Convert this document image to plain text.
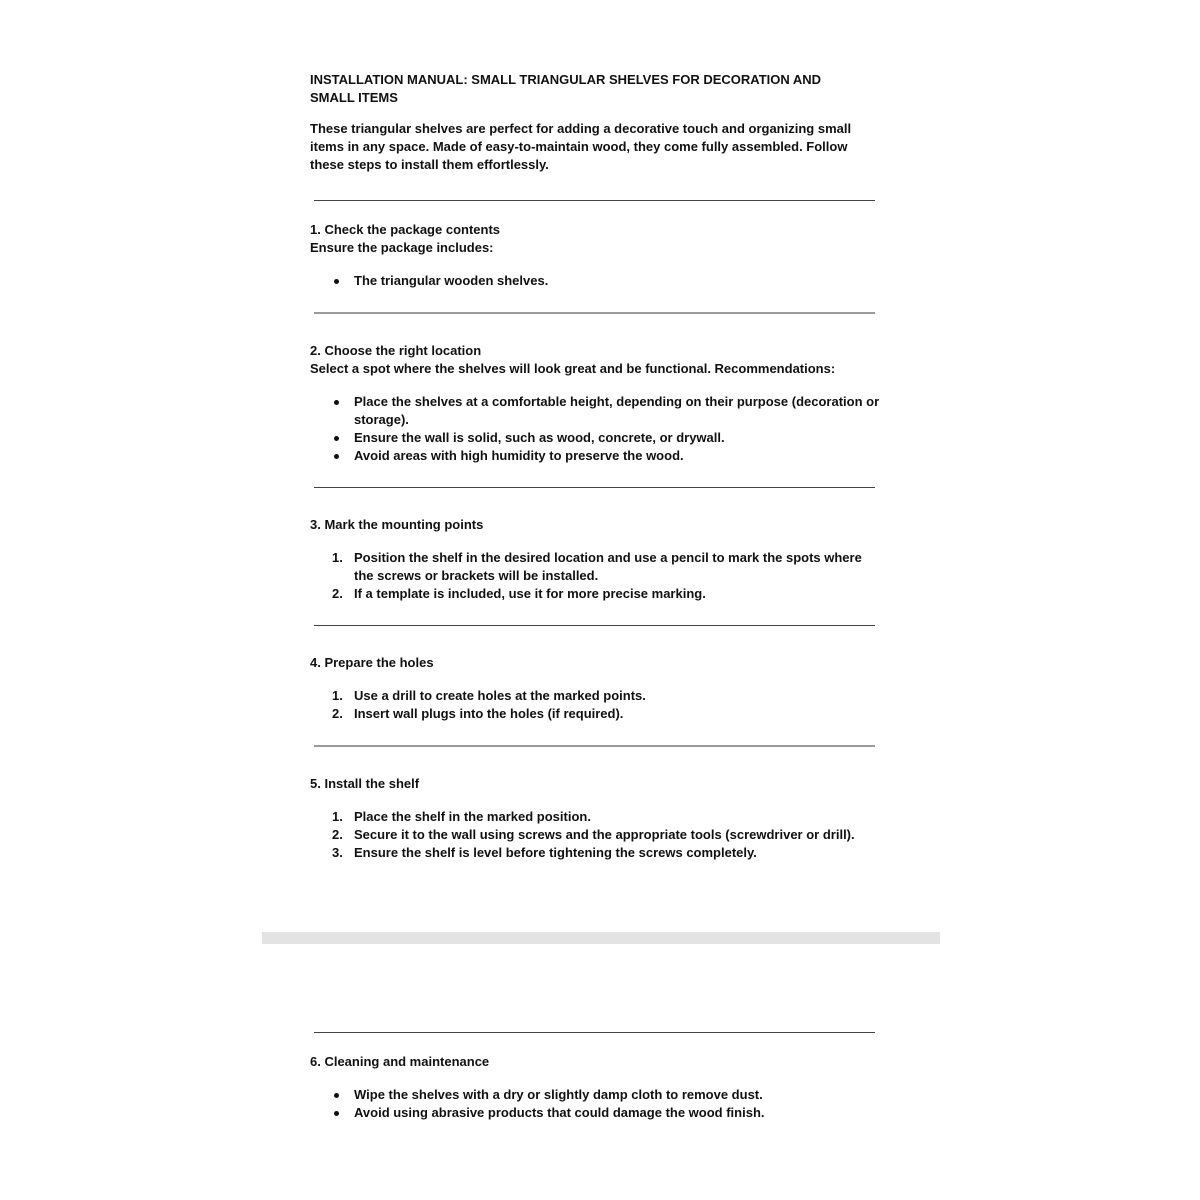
INSTALLATION MANUAL: SMALL TRIANGULAR SHELVES FOR DECORATION AND
SMALL ITEMS

These triangular shelves are perfect for adding a decorative touch and organizing small items in any space. Made of easy-to-maintain wood, they come fully assembled. Follow these steps to install them effortlessly.

1. Check the package contents
Ensure the package includes:
The triangular wooden shelves.
2. Choose the right location
Select a spot where the shelves will look great and be functional. Recommendations:
Place the shelves at a comfortable height, depending on their purpose (decoration or storage).
Ensure the wall is solid, such as wood, concrete, or drywall.
Avoid areas with high humidity to preserve the wood.
3. Mark the mounting points
1. Position the shelf in the desired location and use a pencil to mark the spots where the screws or brackets will be installed.
2. If a template is included, use it for more precise marking.
4. Prepare the holes
1. Use a drill to create holes at the marked points.
2. Insert wall plugs into the holes (if required).
5. Install the shelf
1. Place the shelf in the marked position.
2. Secure it to the wall using screws and the appropriate tools (screwdriver or drill).
3. Ensure the shelf is level before tightening the screws completely.
6. Cleaning and maintenance
Wipe the shelves with a dry or slightly damp cloth to remove dust.
Avoid using abrasive products that could damage the wood finish.
